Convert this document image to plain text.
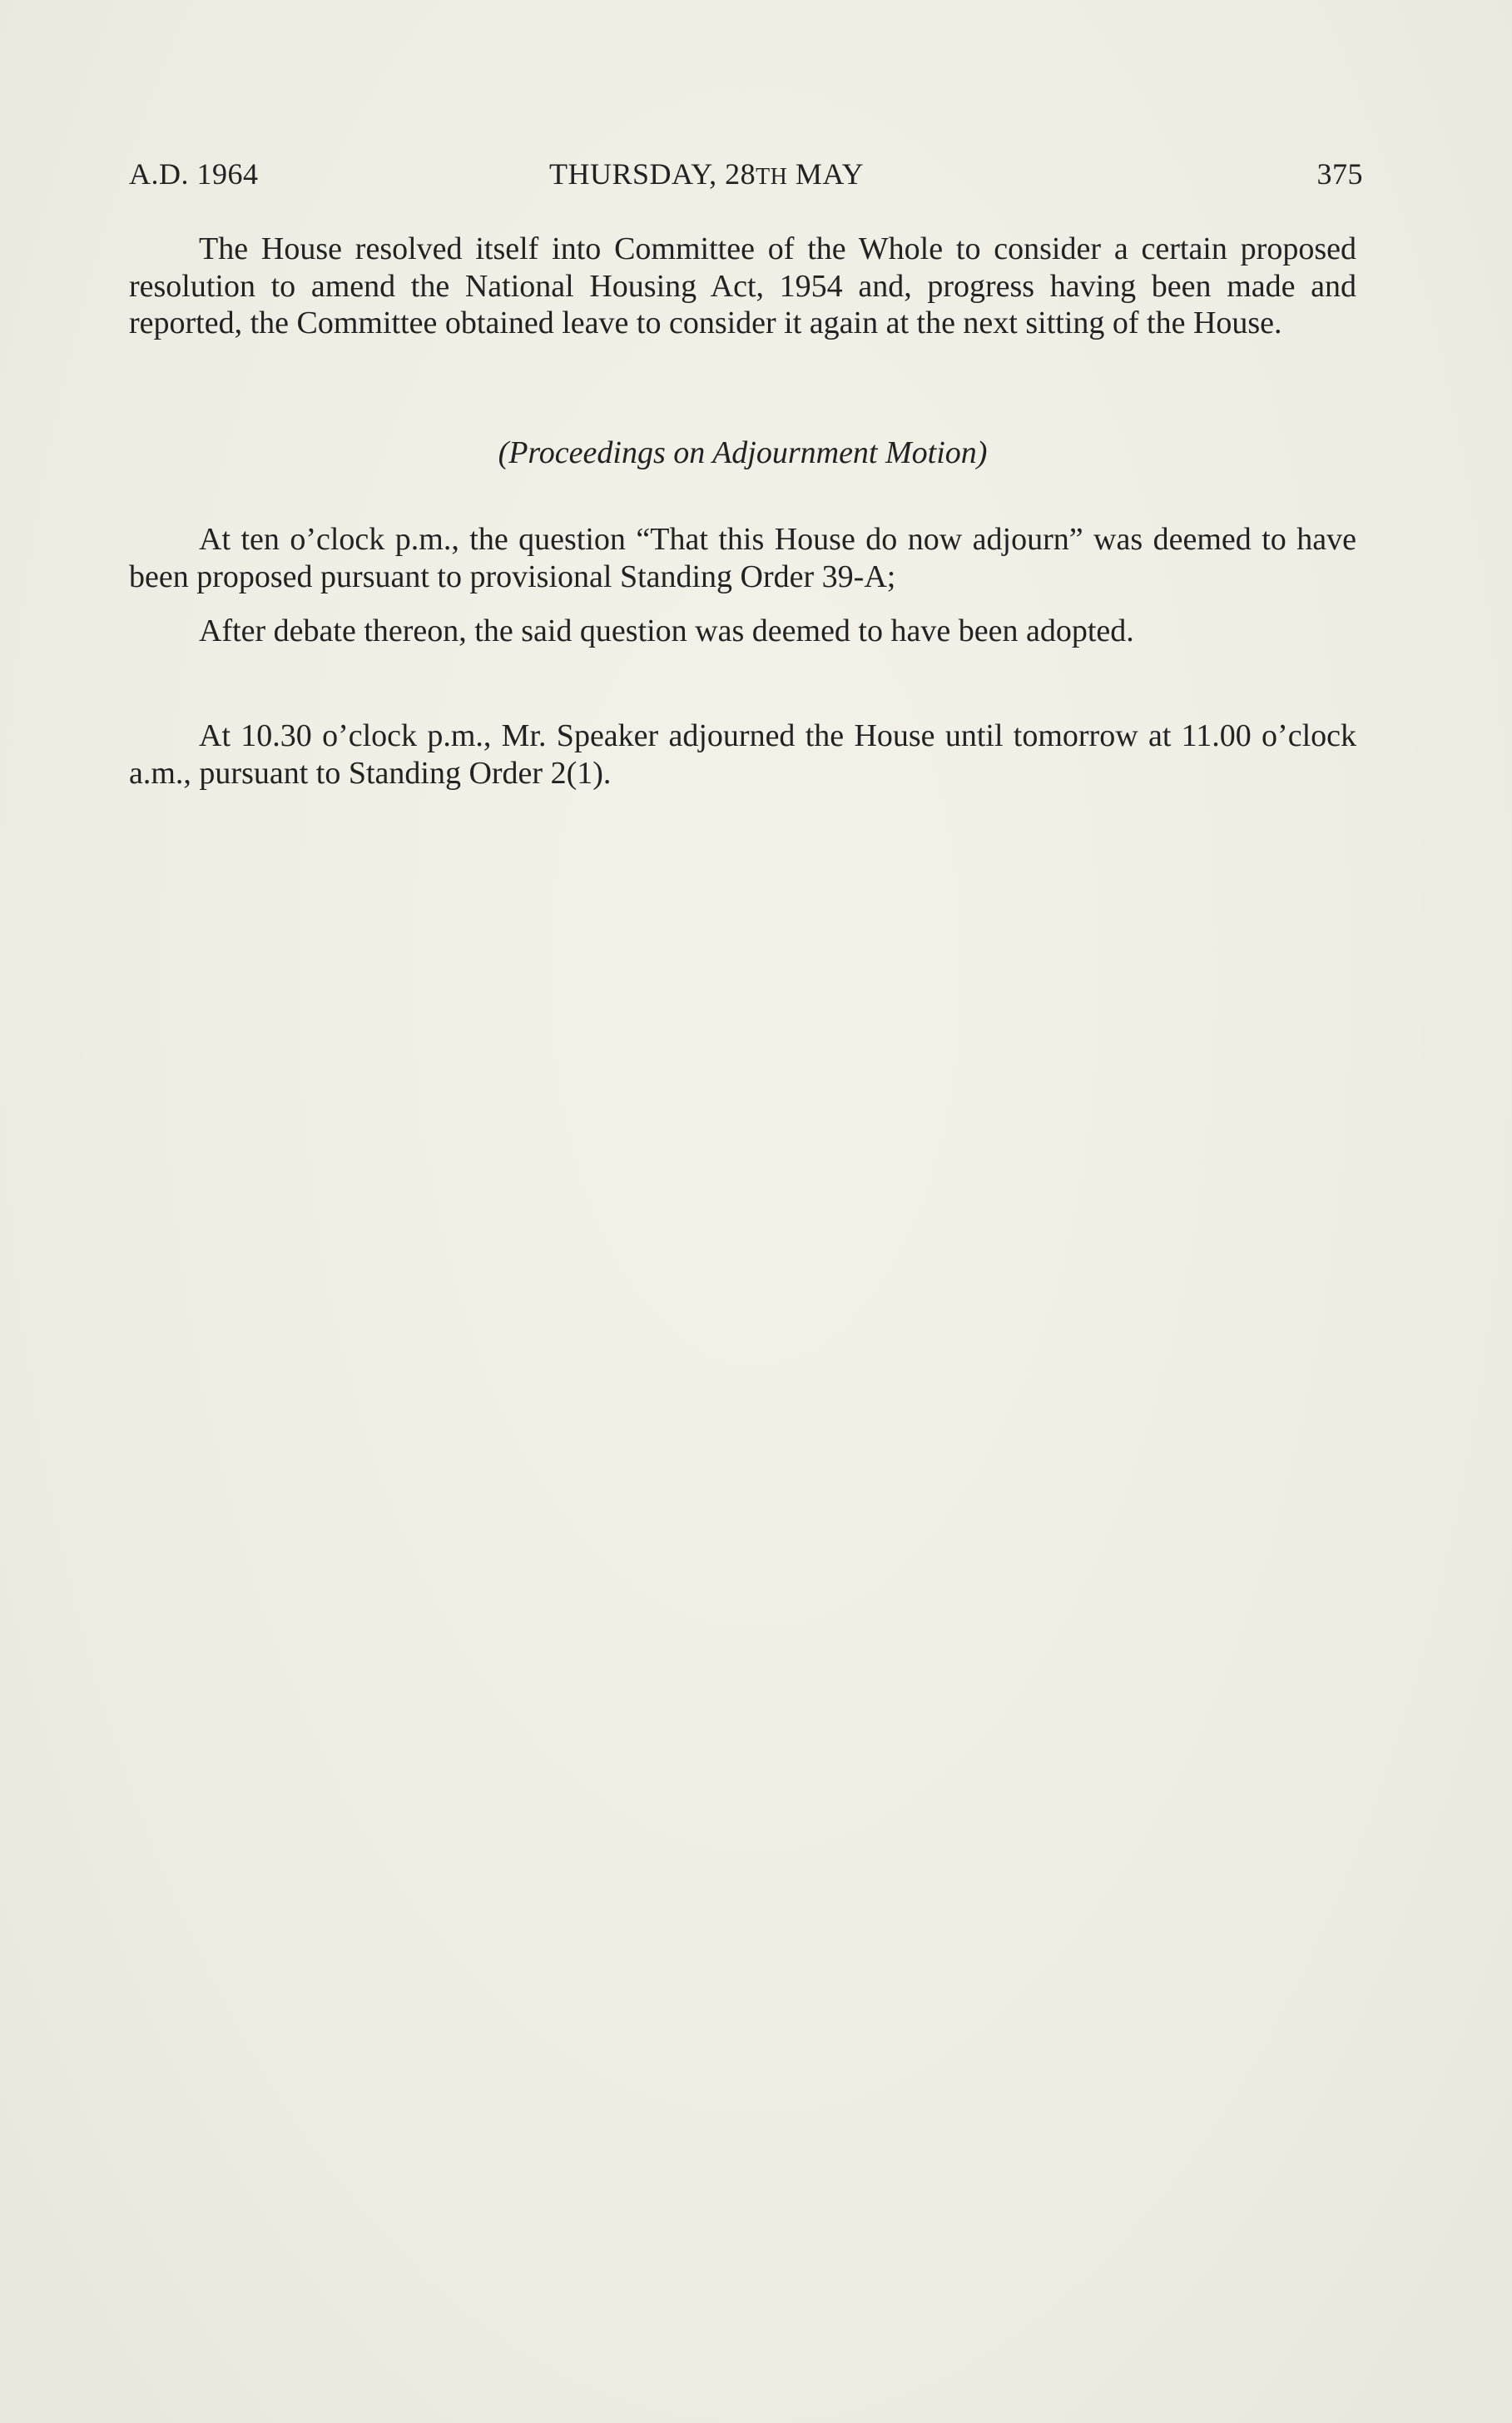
A.D. 1964	THURSDAY, 28TH MAY	375

The House resolved itself into Committee of the Whole to consider a certain proposed resolution to amend the National Housing Act, 1954 and, progress having been made and reported, the Committee obtained leave to consider it again at the next sitting of the House.

(Proceedings on Adjournment Motion)

At ten o’clock p.m., the question “That this House do now adjourn” was deemed to have been proposed pursuant to provisional Standing Order 39-A;

After debate thereon, the said question was deemed to have been adopted.

At 10.30 o’clock p.m., Mr. Speaker adjourned the House until tomorrow at 11.00 o’clock a.m., pursuant to Standing Order 2(1).
